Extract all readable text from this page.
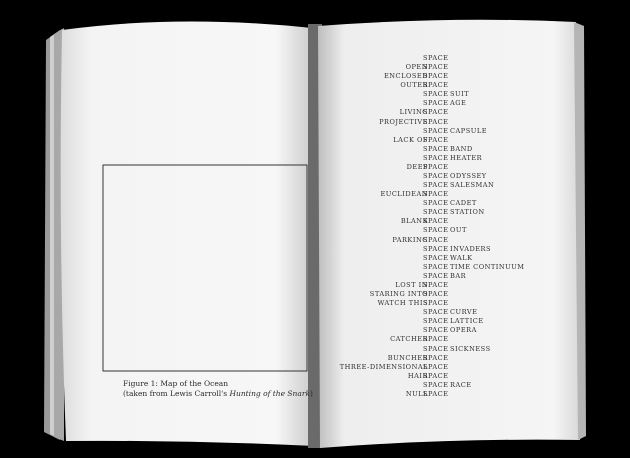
Figure 1: Map of the Ocean
(taken from Lewis Carroll's Hunting of the Snark)
SPACE
OPEN
SPACE
ENCLOSED
SPACE
OUTER
SPACE
SPACE SUIT
SPACE AGE
LIVING
SPACE
PROJECTIVE
SPACE
SPACE CAPSULE
LACK OF
SPACE
SPACE BAND
SPACE HEATER
DEEP
SPACE
SPACE ODYSSEY
SPACE SALESMAN
EUCLIDEAN
SPACE
SPACE CADET
SPACE STATION
BLANK
SPACE
SPACE OUT
PARKING
SPACE
SPACE INVADERS
SPACE WALK
SPACE TIME CONTINUUM
SPACE BAR
LOST IN
SPACE
STARING INTO
SPACE
WATCH THIS
SPACE
SPACE CURVE
SPACE LATTICE
SPACE OPERA
CATCHER
SPACE
SPACE SICKNESS
BUNCHER
SPACE
THREE-DIMENSIONAL
SPACE
HAIR
SPACE
SPACE RACE
NULL
SPACE
